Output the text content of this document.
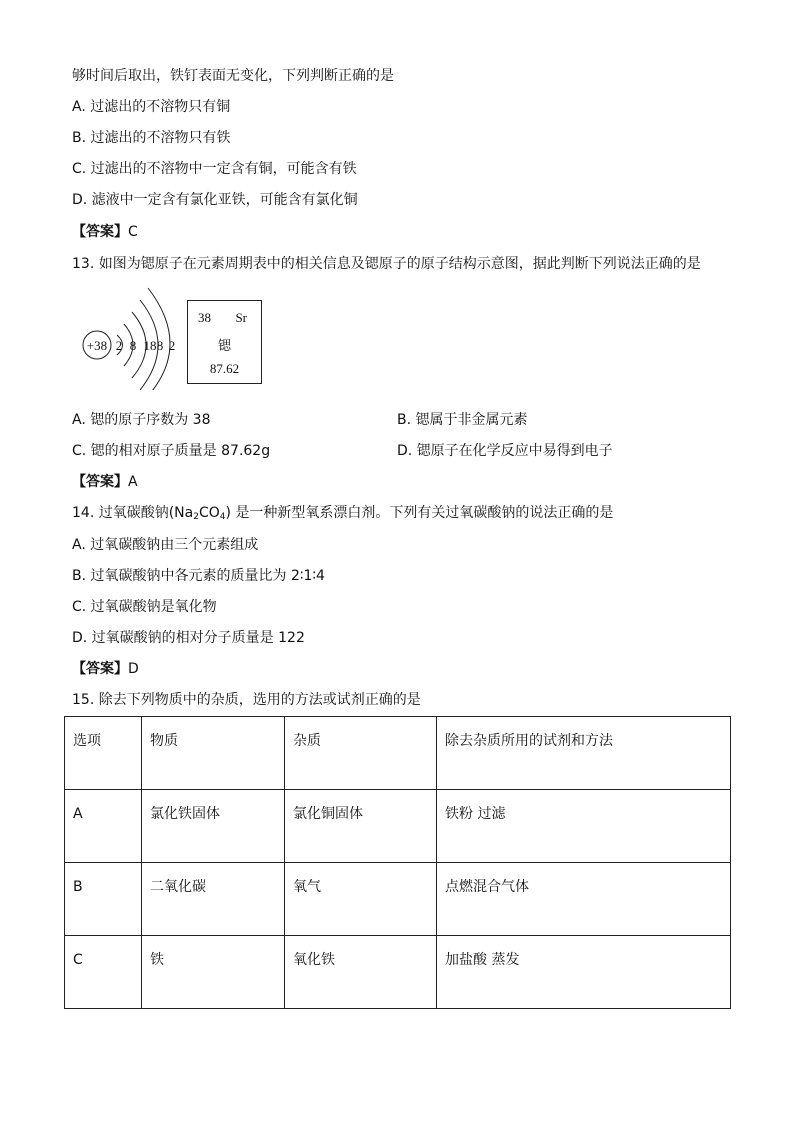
够时间后取出，铁钉表面无变化，下列判断正确的是
A. 过滤出的不溶物只有铜
B. 过滤出的不溶物只有铁
C. 过滤出的不溶物中一定含有铜，可能含有铁
D. 滤液中一定含有氯化亚铁，可能含有氯化铜
【答案】C
13. 如图为锶原子在元素周期表中的相关信息及锶原子的原子结构示意图，据此判断下列说法正确的是
+38 2 8 18 8 2
38 Sr
锶
87.62
A. 锶的原子序数为 38	B. 锶属于非金属元素
C. 锶的相对原子质量是 87.62g	D. 锶原子在化学反应中易得到电子
【答案】A
14. 过氧碳酸钠$(Na_2CO_4)$ 是一种新型氧系漂白剂。下列有关过氧碳酸钠的说法正确的是
A. 过氧碳酸钠由三个元素组成
B. 过氧碳酸钠中各元素的质量比为 2∶1∶4
C. 过氧碳酸钠是氧化物
D. 过氧碳酸钠的相对分子质量是 122
【答案】D
15. 除去下列物质中的杂质，选用的方法或试剂正确的是
选项	物质	杂质	除去杂质所用的试剂和方法
A	氯化铁固体	氯化铜固体	铁粉 过滤
B	二氧化碳	氧气	点燃混合气体
C	铁	氧化铁	加盐酸 蒸发
